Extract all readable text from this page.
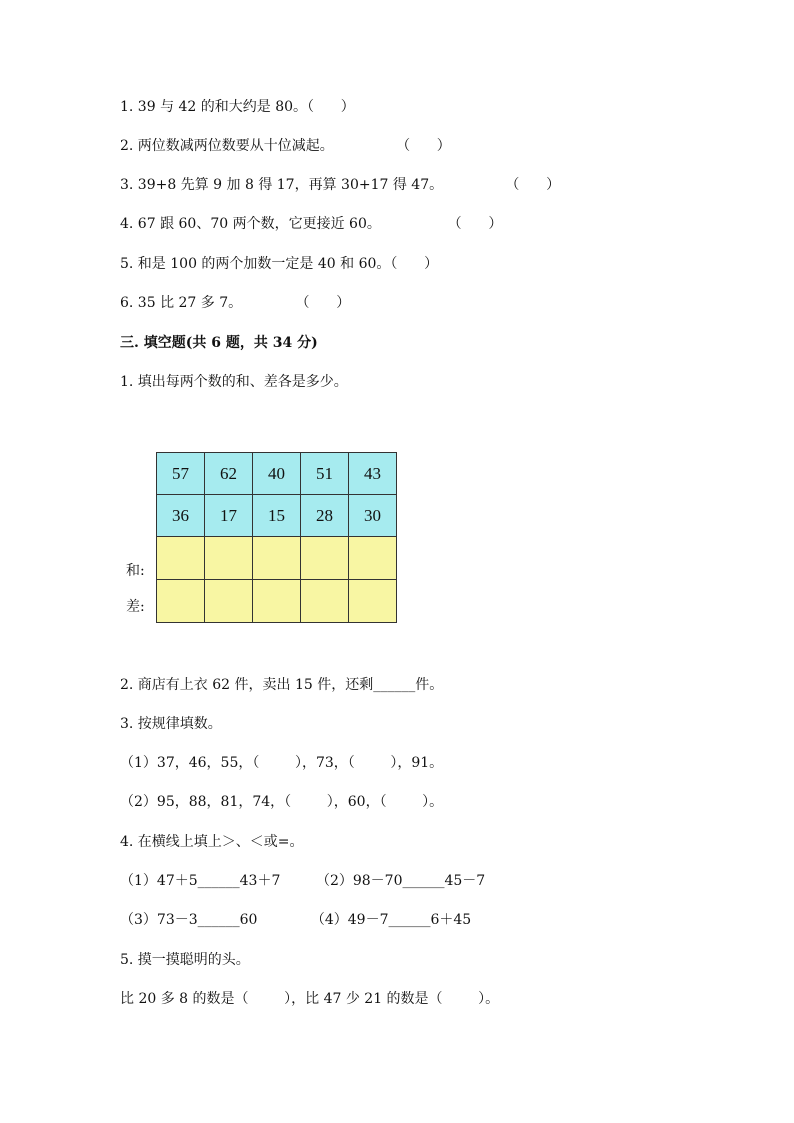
1. 39 与 42 的和大约是 80。（      ）
2. 两位数减两位数要从十位减起。              （      ）
3. 39+8 先算 9 加 8 得 17，再算 30+17 得 47。              （      ）
4. 67 跟 60、70 两个数，它更接近 60。               （      ）
5. 和是 100 的两个加数一定是 40 和 60。（      ）
6. 35 比 27 多 7。            （      ）
三. 填空题(共 6 题，共 34 分)
1. 填出每两个数的和、差各是多少。
57	62	40	51	43
36	17	15	28	30

和:
差:
2. 商店有上衣 62 件，卖出 15 件，还剩______件。
3. 按规律填数。
（1）37，46，55，（        ），73，（        ），91。
（2）95，88，81，74，（        ），60，（        ）。
4. 在横线上填上＞、＜或=。
（1）47＋5______43＋7        （2）98－70______45－7
（3）73－3______60            （4）49－7______6＋45
5. 摸一摸聪明的头。
比 20 多 8 的数是（        ），比 47 少 21 的数是（        ）。
